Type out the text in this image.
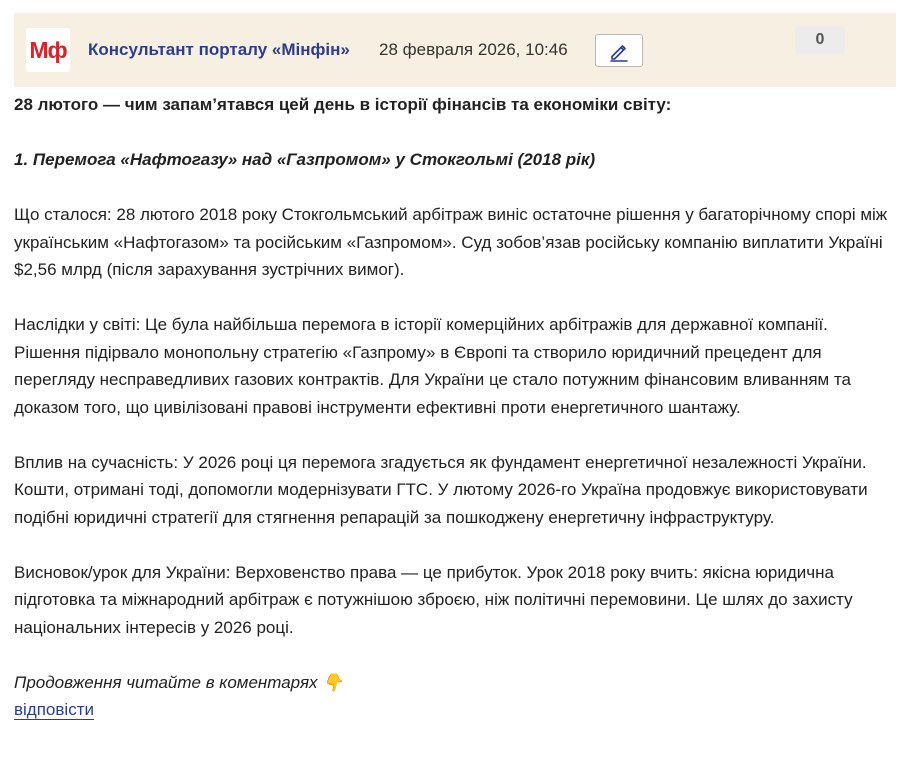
Мф Консультант порталу «Мінфін» 28 февраля 2026, 10:46
0

28 лютого — чим запам’ятався цей день в історії фінансів та економіки світу:

1. Перемога «Нафтогазу» над «Газпромом» у Стокгольмі (2018 рік)

Що сталося: 28 лютого 2018 року Стокгольмський арбітраж виніс остаточне рішення у багаторічному спорі між українським «Нафтогазом» та російським «Газпромом». Суд зобов’язав російську компанію виплатити Україні $2,56 млрд (після зарахування зустрічних вимог).

Наслідки у світі: Це була найбільша перемога в історії комерційних арбітражів для державної компанії. Рішення підірвало монопольну стратегію «Газпрому» в Європі та створило юридичний прецедент для перегляду несправедливих газових контрактів. Для України це стало потужним фінансовим вливанням та доказом того, що цивілізовані правові інструменти ефективні проти енергетичного шантажу.

Вплив на сучасність: У 2026 році ця перемога згадується як фундамент енергетичної незалежності України. Кошти, отримані тоді, допомогли модернізувати ГТС. У лютому 2026-го Україна продовжує використовувати подібні юридичні стратегії для стягнення репарацій за пошкоджену енергетичну інфраструктуру.

Висновок/урок для України: Верховенство права — це прибуток. Урок 2018 року вчить: якісна юридична підготовка та міжнародний арбітраж є потужнішою зброєю, ніж політичні перемовини. Це шлях до захисту національних інтересів у 2026 році.

Продовження читайте в коментарях 👇

відповісти
